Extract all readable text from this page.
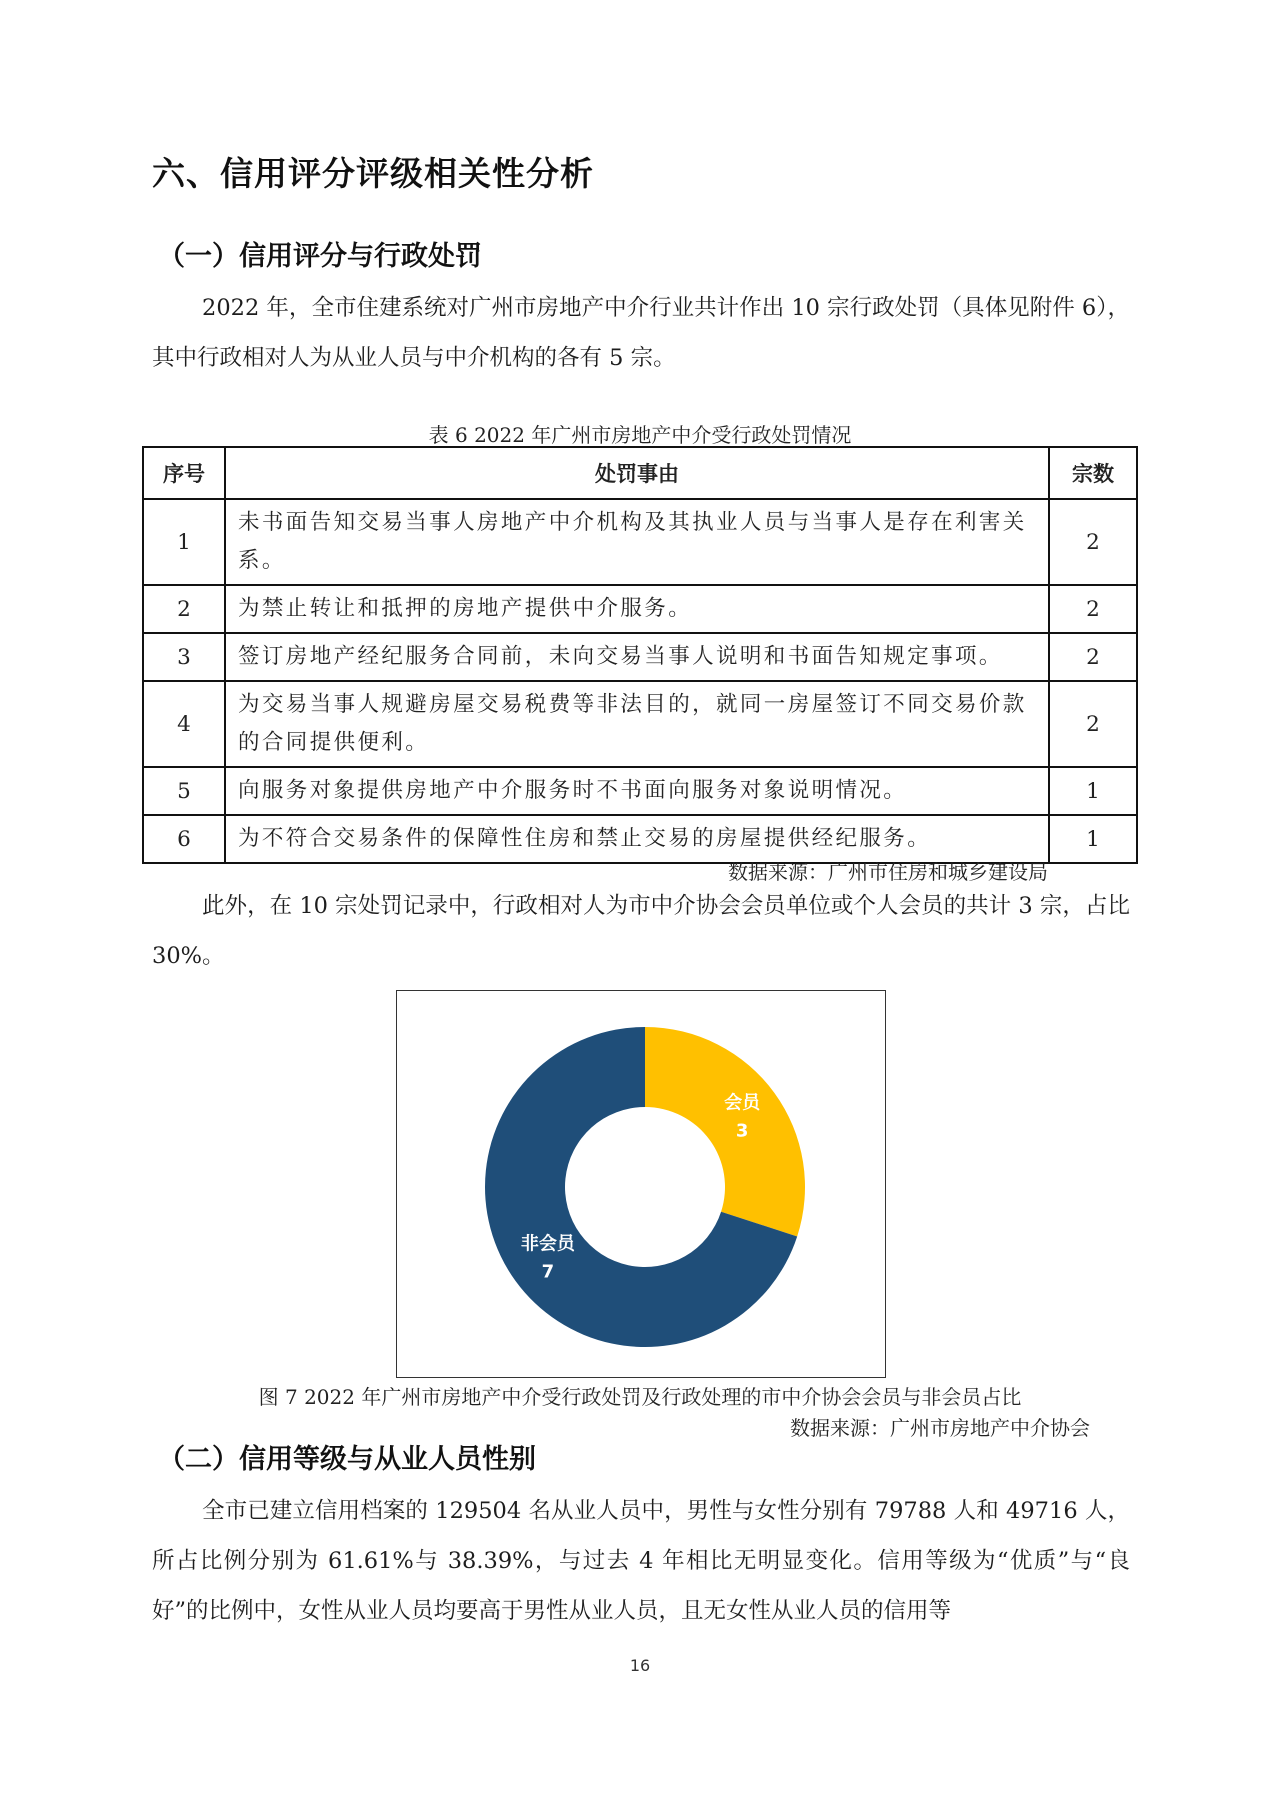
六、信用评分评级相关性分析
（一）信用评分与行政处罚
2022 年，全市住建系统对广州市房地产中介行业共计作出 10 宗行政处罚（具体见附件 6），其中行政相对人为从业人员与中介机构的各有 5 宗。
表 6 2022 年广州市房地产中介受行政处罚情况
序号	处罚事由	宗数
1	未书面告知交易当事人房地产中介机构及其执业人员与当事人是存在利害关系。	2
2	为禁止转让和抵押的房地产提供中介服务。	2
3	签订房地产经纪服务合同前，未向交易当事人说明和书面告知规定事项。	2
4	为交易当事人规避房屋交易税费等非法目的，就同一房屋签订不同交易价款的合同提供便利。	2
5	向服务对象提供房地产中介服务时不书面向服务对象说明情况。	1
6	为不符合交易条件的保障性住房和禁止交易的房屋提供经纪服务。	1
数据来源：广州市住房和城乡建设局
此外，在 10 宗处罚记录中，行政相对人为市中介协会会员单位或个人会员的共计 3 宗，占比 30%。
会员
3
非会员
7
图 7 2022 年广州市房地产中介受行政处罚及行政处理的市中介协会会员与非会员占比
数据来源：广州市房地产中介协会
（二）信用等级与从业人员性别
全市已建立信用档案的 129504 名从业人员中，男性与女性分别有 79788 人和 49716 人，所占比例分别为 61.61%与 38.39%，与过去 4 年相比无明显变化。信用等级为“优质”与“良好”的比例中，女性从业人员均要高于男性从业人员，且无女性从业人员的信用等
16
